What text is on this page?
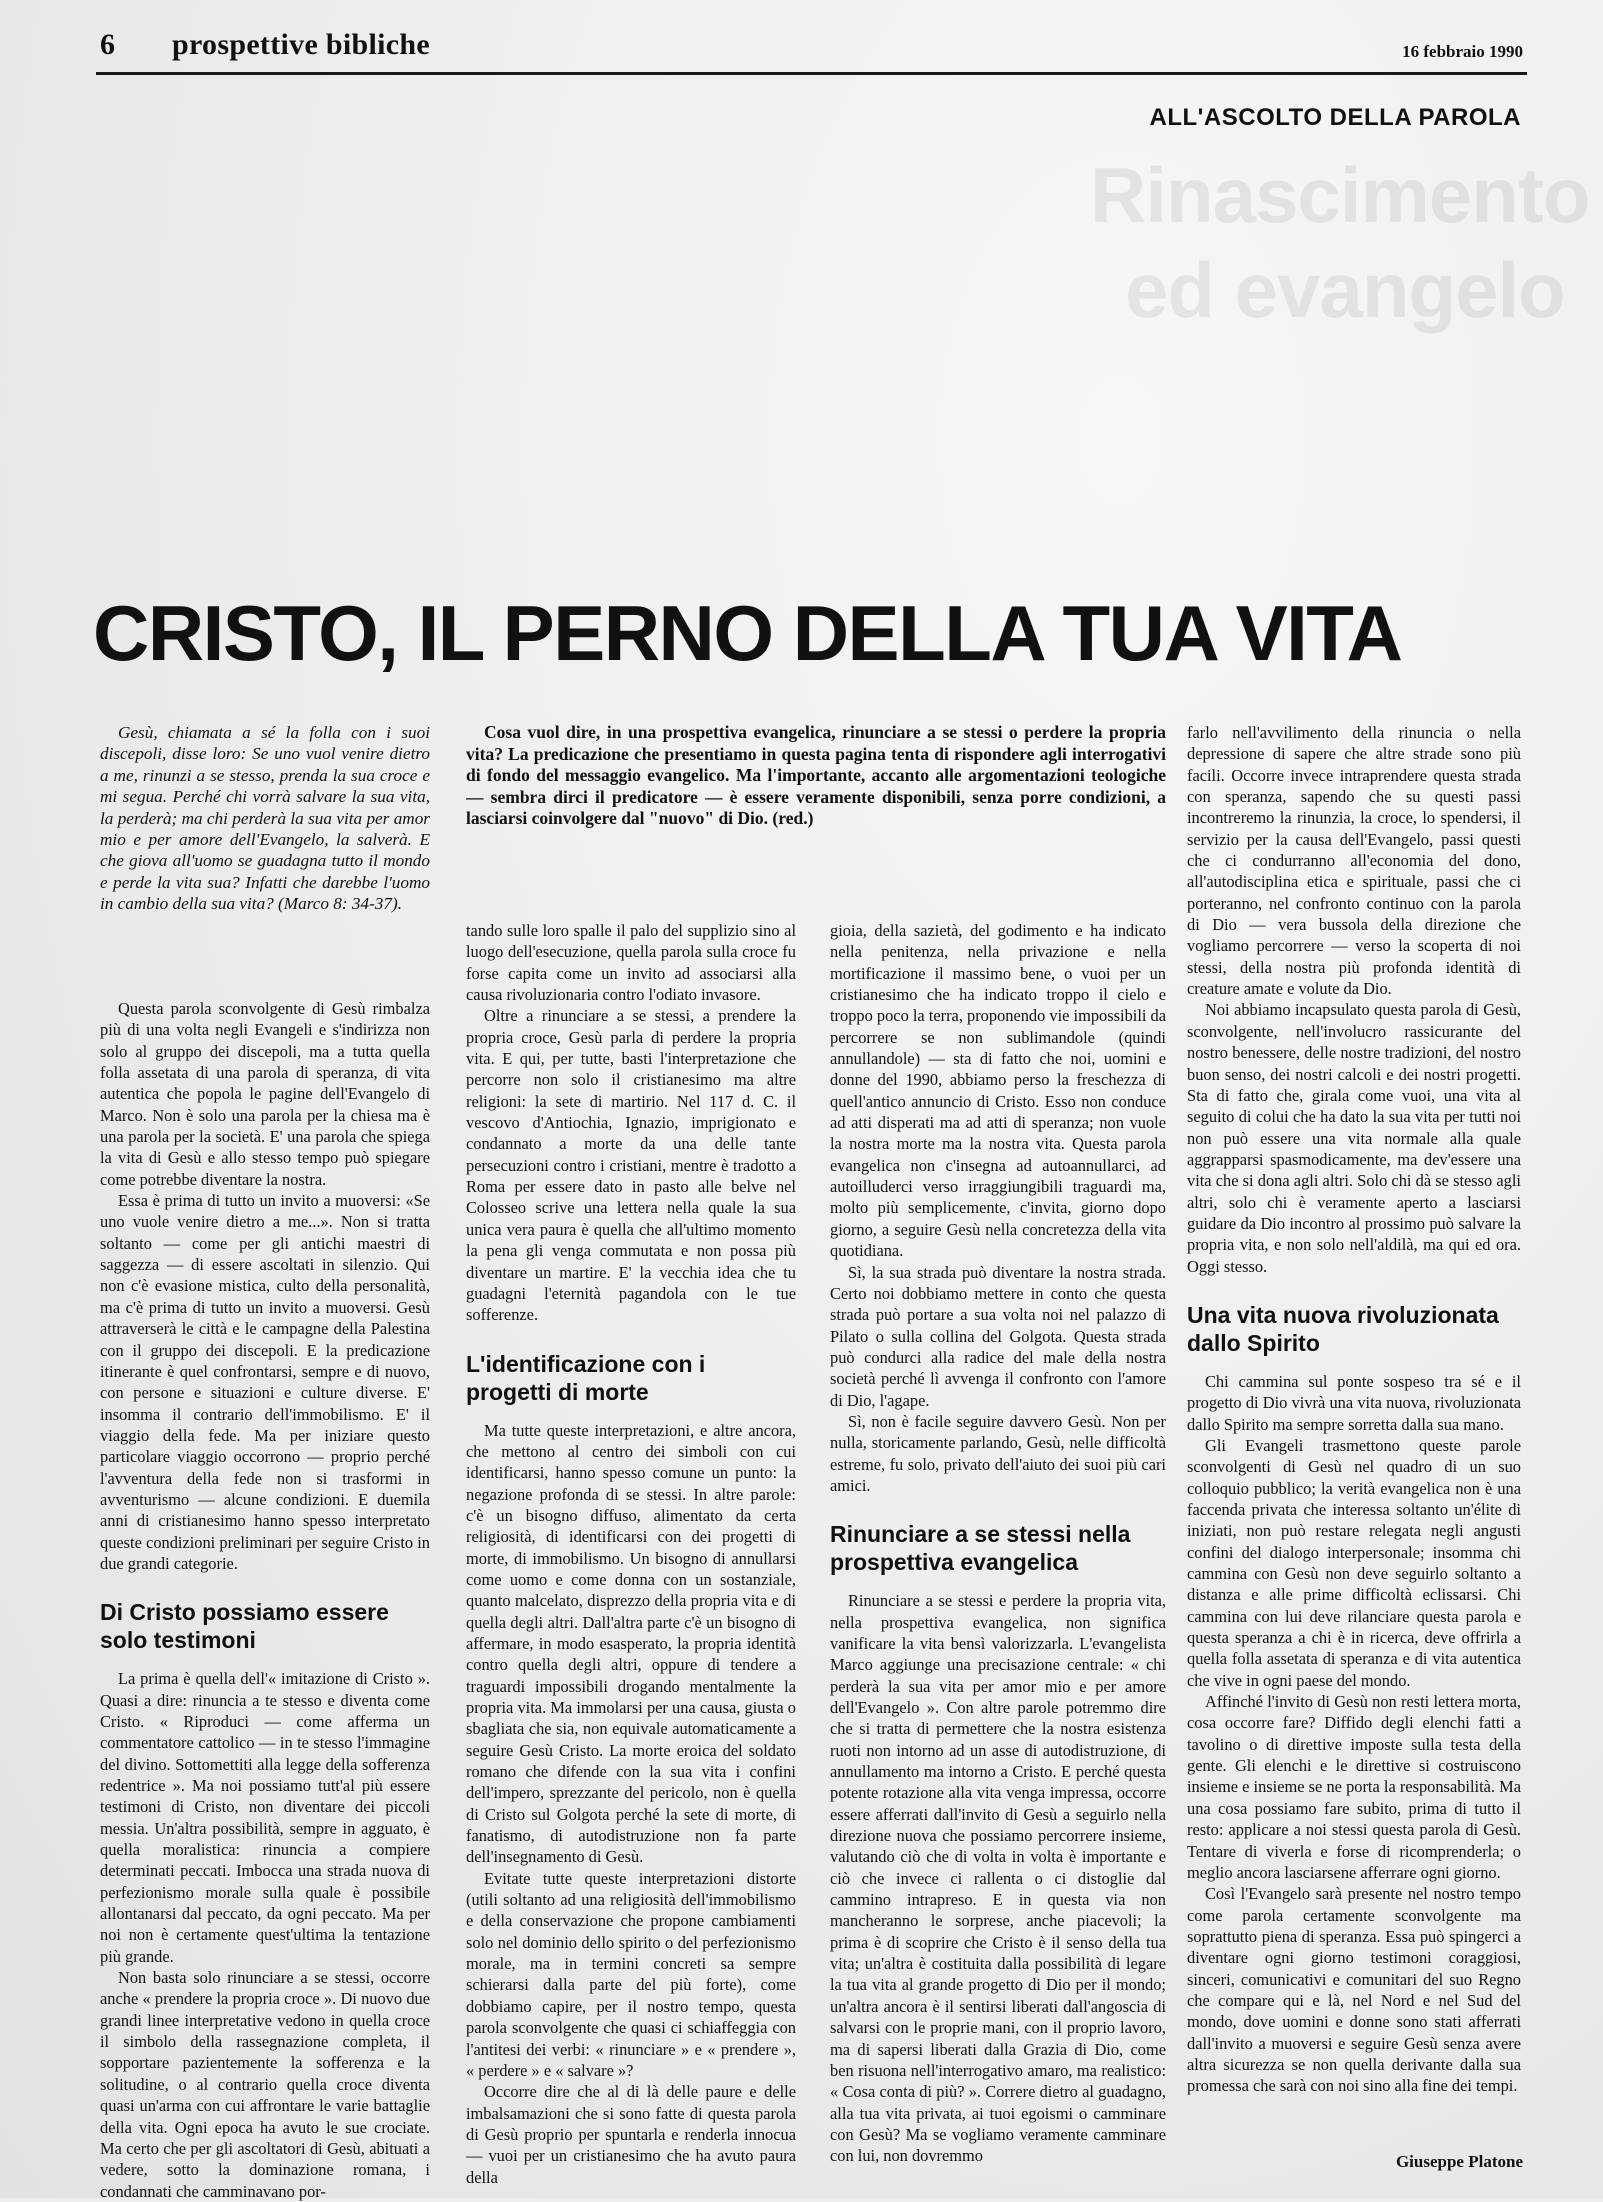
6 prospettive bibliche	16 febbraio 1990
ALL'ASCOLTO DELLA PAROLA
Rinascimento
ed evangelo
CRISTO, IL PERNO DELLA TUA VITA

Gesù, chiamata a sé la folla con i suoi discepoli, disse loro: Se uno vuol venire dietro a me, rinunzi a se stesso, prenda la sua croce e mi segua. Perché chi vorrà salvare la sua vita, la perderà; ma chi perderà la sua vita per amor mio e per amore dell'Evangelo, la salverà. E che giova all'uomo se guadagna tutto il mondo e perde la vita sua? Infatti che darebbe l'uomo in cambio della sua vita? (Marco 8: 34-37).

Questa parola sconvolgente di Gesù rimbalza più di una volta negli Evangeli e s'indirizza non solo al gruppo dei discepoli, ma a tutta quella folla assetata di una parola di speranza, di vita autentica che popola le pagine dell'Evangelo di Marco. Non è solo una parola per la chiesa ma è una parola per la società. E' una parola che spiega la vita di Gesù e allo stesso tempo può spiegare come potrebbe diventare la nostra.

Essa è prima di tutto un invito a muoversi: «Se uno vuole venire dietro a me...». Non si tratta soltanto — come per gli antichi maestri di saggezza — di essere ascoltati in silenzio. Qui non c'è evasione mistica, culto della personalità, ma c'è prima di tutto un invito a muoversi. Gesù attraverserà le città e le campagne della Palestina con il gruppo dei discepoli. E la predicazione itinerante è quel confrontarsi, sempre e di nuovo, con persone e situazioni e culture diverse. E' insomma il contrario dell'immobilismo. E' il viaggio della fede. Ma per iniziare questo particolare viaggio occorrono — proprio perché l'avventura della fede non si trasformi in avventurismo — alcune condizioni. E duemila anni di cristianesimo hanno spesso interpretato queste condizioni preliminari per seguire Cristo in due grandi categorie.

Di Cristo possiamo essere solo testimoni

La prima è quella dell'« imitazione di Cristo ». Quasi a dire: rinuncia a te stesso e diventa come Cristo. « Riproduci — come afferma un commentatore cattolico — in te stesso l'immagine del divino. Sottomettiti alla legge della sofferenza redentrice ». Ma noi possiamo tutt'al più essere testimoni di Cristo, non diventare dei piccoli messia. Un'altra possibilità, sempre in agguato, è quella moralistica: rinuncia a compiere determinati peccati. Imbocca una strada nuova di perfezionismo morale sulla quale è possibile allontanarsi dal peccato, da ogni peccato. Ma per noi non è certamente quest'ultima la tentazione più grande.

Non basta solo rinunciare a se stessi, occorre anche « prendere la propria croce ». Di nuovo due grandi linee interpretative vedono in quella croce il simbolo della rassegnazione completa, il sopportare pazientemente la sofferenza e la solitudine, o al contrario quella croce diventa quasi un'arma con cui affrontare le varie battaglie della vita. Ogni epoca ha avuto le sue crociate. Ma certo che per gli ascoltatori di Gesù, abituati a vedere, sotto la dominazione romana, i condannati che camminavano por-

Cosa vuol dire, in una prospettiva evangelica, rinunciare a se stessi o perdere la propria vita? La predicazione che presentiamo in questa pagina tenta di rispondere agli interrogativi di fondo del messaggio evangelico. Ma l'importante, accanto alle argomentazioni teologiche — sembra dirci il predicatore — è essere veramente disponibili, senza porre condizioni, a lasciarsi coinvolgere dal "nuovo" di Dio. (red.)

tando sulle loro spalle il palo del supplizio sino al luogo dell'esecuzione, quella parola sulla croce fu forse capita come un invito ad associarsi alla causa rivoluzionaria contro l'odiato invasore.

Oltre a rinunciare a se stessi, a prendere la propria croce, Gesù parla di perdere la propria vita. E qui, per tutte, basti l'interpretazione che percorre non solo il cristianesimo ma altre religioni: la sete di martirio. Nel 117 d. C. il vescovo d'Antiochia, Ignazio, imprigionato e condannato a morte da una delle tante persecuzioni contro i cristiani, mentre è tradotto a Roma per essere dato in pasto alle belve nel Colosseo scrive una lettera nella quale la sua unica vera paura è quella che all'ultimo momento la pena gli venga commutata e non possa più diventare un martire. E' la vecchia idea che tu guadagni l'eternità pagandola con le tue sofferenze.

L'identificazione con i progetti di morte

Ma tutte queste interpretazioni, e altre ancora, che mettono al centro dei simboli con cui identificarsi, hanno spesso comune un punto: la negazione profonda di se stessi. In altre parole: c'è un bisogno diffuso, alimentato da certa religiosità, di identificarsi con dei progetti di morte, di immobilismo. Un bisogno di annullarsi come uomo e come donna con un sostanziale, quanto malcelato, disprezzo della propria vita e di quella degli altri. Dall'altra parte c'è un bisogno di affermare, in modo esasperato, la propria identità contro quella degli altri, oppure di tendere a traguardi impossibili drogando mentalmente la propria vita. Ma immolarsi per una causa, giusta o sbagliata che sia, non equivale automaticamente a seguire Gesù Cristo. La morte eroica del soldato romano che difende con la sua vita i confini dell'impero, sprezzante del pericolo, non è quella di Cristo sul Golgota perché la sete di morte, di fanatismo, di autodistruzione non fa parte dell'insegnamento di Gesù.

Evitate tutte queste interpretazioni distorte (utili soltanto ad una religiosità dell'immobilismo e della conservazione che propone cambiamenti solo nel dominio dello spirito o del perfezionismo morale, ma in termini concreti sa sempre schierarsi dalla parte del più forte), come dobbiamo capire, per il nostro tempo, questa parola sconvolgente che quasi ci schiaffeggia con l'antitesi dei verbi: « rinunciare » e « prendere », « perdere » e « salvare »?

Occorre dire che al di là delle paure e delle imbalsamazioni che si sono fatte di questa parola di Gesù proprio per spuntarla e renderla innocua — vuoi per un cristianesimo che ha avuto paura della

gioia, della sazietà, del godimento e ha indicato nella penitenza, nella privazione e nella mortificazione il massimo bene, o vuoi per un cristianesimo che ha indicato troppo il cielo e troppo poco la terra, proponendo vie impossibili da percorrere se non sublimandole (quindi annullandole) — sta di fatto che noi, uomini e donne del 1990, abbiamo perso la freschezza di quell'antico annuncio di Cristo. Esso non conduce ad atti disperati ma ad atti di speranza; non vuole la nostra morte ma la nostra vita. Questa parola evangelica non c'insegna ad autoannullarci, ad autoilluderci verso irraggiungibili traguardi ma, molto più semplicemente, c'invita, giorno dopo giorno, a seguire Gesù nella concretezza della vita quotidiana.

Sì, la sua strada può diventare la nostra strada. Certo noi dobbiamo mettere in conto che questa strada può portare a sua volta noi nel palazzo di Pilato o sulla collina del Golgota. Questa strada può condurci alla radice del male della nostra società perché lì avvenga il confronto con l'amore di Dio, l'agape.

Sì, non è facile seguire davvero Gesù. Non per nulla, storicamente parlando, Gesù, nelle difficoltà estreme, fu solo, privato dell'aiuto dei suoi più cari amici.

Rinunciare a se stessi nella prospettiva evangelica

Rinunciare a se stessi e perdere la propria vita, nella prospettiva evangelica, non significa vanificare la vita bensì valorizzarla. L'evangelista Marco aggiunge una precisazione centrale: « chi perderà la sua vita per amor mio e per amore dell'Evangelo ». Con altre parole potremmo dire che si tratta di permettere che la nostra esistenza ruoti non intorno ad un asse di autodistruzione, di annullamento ma intorno a Cristo. E perché questa potente rotazione alla vita venga impressa, occorre essere afferrati dall'invito di Gesù a seguirlo nella direzione nuova che possiamo percorrere insieme, valutando ciò che di volta in volta è importante e ciò che invece ci rallenta o ci distoglie dal cammino intrapreso. E in questa via non mancheranno le sorprese, anche piacevoli; la prima è di scoprire che Cristo è il senso della tua vita; un'altra è costituita dalla possibilità di legare la tua vita al grande progetto di Dio per il mondo; un'altra ancora è il sentirsi liberati dall'angoscia di salvarsi con le proprie mani, con il proprio lavoro, ma di sapersi liberati dalla Grazia di Dio, come ben risuona nell'interrogativo amaro, ma realistico: « Cosa conta di più? ». Correre dietro al guadagno, alla tua vita privata, ai tuoi egoismi o camminare con Gesù? Ma se vogliamo veramente camminare con lui, non dovremmo

farlo nell'avvilimento della rinuncia o nella depressione di sapere che altre strade sono più facili. Occorre invece intraprendere questa strada con speranza, sapendo che su questi passi incontreremo la rinunzia, la croce, lo spendersi, il servizio per la causa dell'Evangelo, passi questi che ci condurranno all'economia del dono, all'autodisciplina etica e spirituale, passi che ci porteranno, nel confronto continuo con la parola di Dio — vera bussola della direzione che vogliamo percorrere — verso la scoperta di noi stessi, della nostra più profonda identità di creature amate e volute da Dio.

Noi abbiamo incapsulato questa parola di Gesù, sconvolgente, nell'involucro rassicurante del nostro benessere, delle nostre tradizioni, del nostro buon senso, dei nostri calcoli e dei nostri progetti. Sta di fatto che, girala come vuoi, una vita al seguito di colui che ha dato la sua vita per tutti noi non può essere una vita normale alla quale aggrapparsi spasmodicamente, ma dev'essere una vita che si dona agli altri. Solo chi dà se stesso agli altri, solo chi è veramente aperto a lasciarsi guidare da Dio incontro al prossimo può salvare la propria vita, e non solo nell'aldilà, ma qui ed ora. Oggi stesso.

Una vita nuova rivoluzionata dallo Spirito

Chi cammina sul ponte sospeso tra sé e il progetto di Dio vivrà una vita nuova, rivoluzionata dallo Spirito ma sempre sorretta dalla sua mano.

Gli Evangeli trasmettono queste parole sconvolgenti di Gesù nel quadro di un suo colloquio pubblico; la verità evangelica non è una faccenda privata che interessa soltanto un'élite di iniziati, non può restare relegata negli angusti confini del dialogo interpersonale; insomma chi cammina con Gesù non deve seguirlo soltanto a distanza e alle prime difficoltà eclissarsi. Chi cammina con lui deve rilanciare questa parola e questa speranza a chi è in ricerca, deve offrirla a quella folla assetata di speranza e di vita autentica che vive in ogni paese del mondo.

Affinché l'invito di Gesù non resti lettera morta, cosa occorre fare? Diffido degli elenchi fatti a tavolino o di direttive imposte sulla testa della gente. Gli elenchi e le direttive si costruiscono insieme e insieme se ne porta la responsabilità. Ma una cosa possiamo fare subito, prima di tutto il resto: applicare a noi stessi questa parola di Gesù. Tentare di viverla e forse di ricomprenderla; o meglio ancora lasciarsene afferrare ogni giorno.

Così l'Evangelo sarà presente nel nostro tempo come parola certamente sconvolgente ma soprattutto piena di speranza. Essa può spingerci a diventare ogni giorno testimoni coraggiosi, sinceri, comunicativi e comunitari del suo Regno che compare qui e là, nel Nord e nel Sud del mondo, dove uomini e donne sono stati afferrati dall'invito a muoversi e seguire Gesù senza avere altra sicurezza se non quella derivante dalla sua promessa che sarà con noi sino alla fine dei tempi.

Giuseppe Platone
